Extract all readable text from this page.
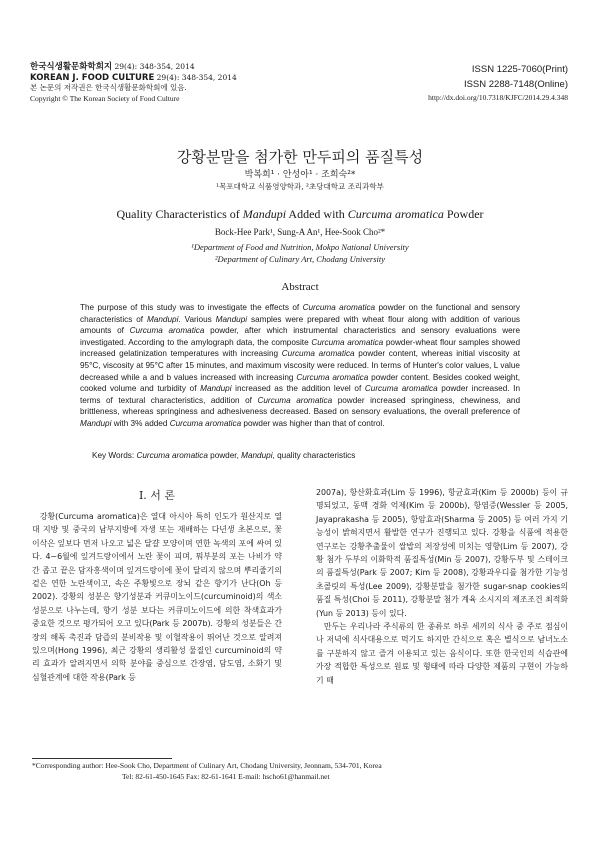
한국식생활문화학회지 29(4): 348-354, 2014
KOREAN J. FOOD CULTURE 29(4): 348-354, 2014
본 논문의 저작권은 한국식생활문화학회에 있음.
Copyright © The Korean Society of Food Culture
ISSN 1225-7060(Print)
ISSN 2288-7148(Online)
http://dx.doi.org/10.7318/KJFC/2014.29.4.348
강황분말을 첨가한 만두피의 품질특성
박복희¹ · 안성아¹ · 조희숙²*
¹목포대학교 식품영양학과, ²초당대학교 조리과학부
Quality Characteristics of Mandupi Added with Curcuma aromatica Powder
Bock-Hee Park¹, Sung-A An¹, Hee-Sook Cho²*
¹Department of Food and Nutrition, Mokpo National University
²Department of Culinary Art, Chodang University
Abstract
The purpose of this study was to investigate the effects of Curcuma aromatica powder on the functional and sensory characteristics of Mandupi. Various Mandupi samples were prepared with wheat flour along with addition of various amounts of Curcuma aromatica powder, after which instrumental characteristics and sensory evaluations were investigated. According to the amylograph data, the composite Curcuma aromatica powder-wheat flour samples showed increased gelatinization temperatures with increasing Curcuma aromatica powder content, whereas initial viscosity at 95°C, viscosity at 95°C after 15 minutes, and maximum viscosity were reduced. In terms of Hunter's color values, L value decreased while a and b values increased with increasing Curcuma aromatica powder content. Besides cooked weight, cooked volume and turbidity of Mandupi increased as the addition level of Curcuma aromatica powder increased. In terms of textural characteristics, addition of Curcuma aromatica powder increased springiness, chewiness, and brittleness, whereas springiness and adhesiveness decreased. Based on sensory evaluations, the overall preference of Mandupi with 3% added Curcuma aromatica powder was higher than that of control.
Key Words: Curcuma aromatica powder, Mandupi, quality characteristics
I. 서 론

강황(Curcuma aromatica)은 열대 아시아 특히 인도가 원산지로 열대 지방 및 중국의 남부지방에 자생 또는 재배하는 다년생 초본으로, 꽃 이삭은 잎보다 먼저 나오고 넓은 달걀 모양이며 연한 녹색의 포에 싸여 있다. 4~6월에 잎겨드랑이에서 노란 꽃이 피며, 뭐부분의 포는 나비가 약간 좁고 끝은 담자흥색이며 잎겨드랑이에 꽃이 달리지 않으며 뿌리줄기의 겉은 연한 노란색이고, 속은 주황빛으로 장뇌 같은 향기가 난다(Oh 등 2002). 강황의 성분은 향기성분과 커큐미노이드(curcuminoid)의 색소성분으로 나누는데, 향기 성분 보다는 커큐미노이드에 의한 착색효과가 중요한 것으로 평가되어 오고 있다(Park 등 2007b). 강황의 성분들은 간장의 해독 촉진과 담즙의 분비작용 및 이혈작용이 뛰어난 것으로 알려져 있으며(Hong 1996), 최근 강황의 생리활성 물질인 curcuminoid의 약리 효과가 알려지면서 의학 분야를 중심으로 간장염, 담도염, 소화기 및 심혈관계에 대한 작용(Park 등

2007a), 항산화효과(Lim 등 1996), 항균효과(Kim 등 2000b) 등이 규명되었고, 동맥 경화 억제(Kim 등 2000b), 항염증(Wessler 등 2005, Jayaprakasha 등 2005), 항암효과(Sharma 등 2005) 등 여러 가지 기능성이 밝혀지면서 활발한 연구가 진행되고 있다. 강황을 식품에 적용한 연구로는 강황추출물이 쌀밥의 저장성에 미치는 영향(Lim 등 2007), 강황 첨가 두부의 이화학적 품질특성(Min 등 2007), 강황두부 및 스테이크의 품질특성(Park 등 2007; Kim 등 2008), 강황과우디를 첨가한 기능성 초콜릿의 특성(Lee 2009), 강황분말을 첨가한 sugar-snap cookies의 품질 특성(Choi 등 2011), 강황분말 첨가 계육 소시지의 제조조건 최적화(Yun 등 2013) 등이 있다.

만두는 우리나라 주식류의 한 종류로 하루 세끼의 식사 중 주로 점심이나 저녁에 식사대용으로 먹기도 하지만 간식으로 혹은 별식으로 남녀노소를 구분하지 않고 즐겨 이용되고 있는 음식이다. 또한 한국인의 식습관에 가장 적합한 특성으로 원료 및 형태에 따라 다양한 제품의 구현이 가능하기 때

*Corresponding author: Hee-Sook Cho, Department of Culinary Art, Chodang University, Jeonnam, 534-701, Korea
Tel: 82-61-450-1645 Fax: 82-61-1641 E-mail: hscho61@hanmail.net
